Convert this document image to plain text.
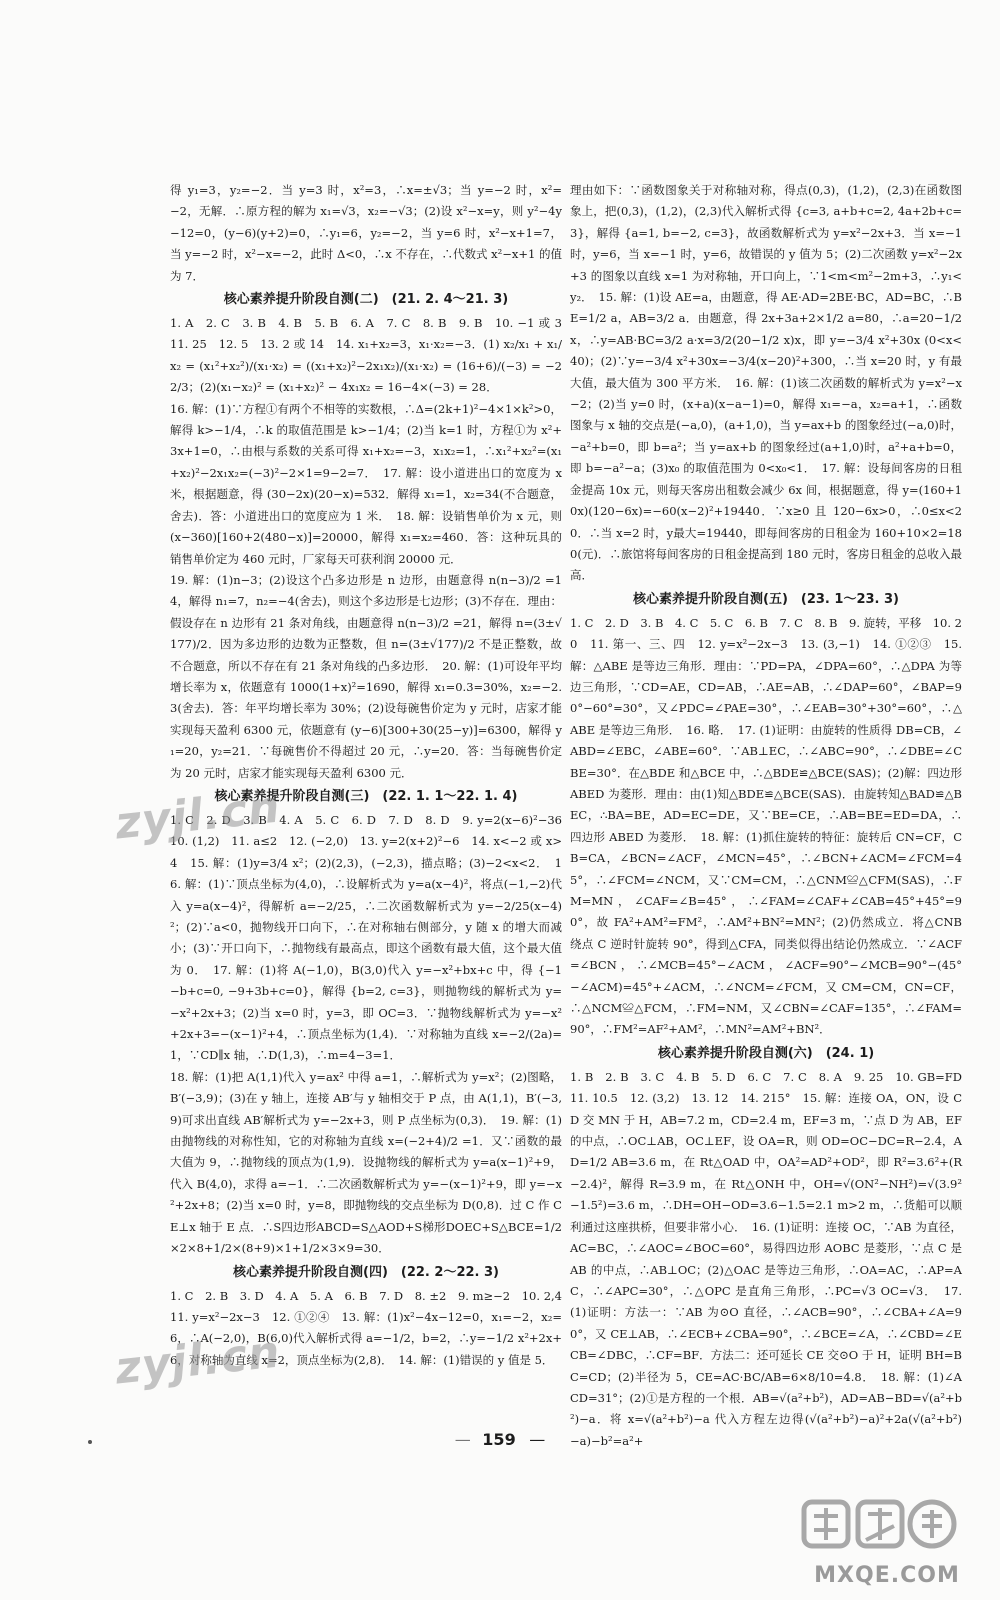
得 y₁=3，y₂=−2．当 y=3 时，x²=3，∴x=±√3；当 y=−2 时，x²=−2，无解．∴原方程的解为 x₁=√3，x₂=−√3；(2)设 x²−x=y，则 y²−4y−12=0，(y−6)(y+2)=0，∴y₁=6，y₂=−2，当 y=6 时，x²−x+1=7，当 y=−2 时，x²−x=−2，此时 Δ<0，∴x 不存在，∴代数式 x²−x+1 的值为 7．

核心素养提升阶段自测(二)　(21. 2. 4～21. 3)

1. A　2. C　3. B　4. B　5. B　6. A　7. C　8. B　9. B　10. −1 或 3　11. 25　12. 5　13. 2 或 14　14. x₁+x₂=3，x₁·x₂=−3．(1) x₂/x₁ + x₁/x₂ = (x₁²+x₂²)/(x₁·x₂) = ((x₁+x₂)²−2x₁x₂)/(x₁·x₂) = (16+6)/(−3) = −22/3；(2)(x₁−x₂)² = (x₁+x₂)² − 4x₁x₂ = 16−4×(−3) = 28．

16. 解：(1)∵方程①有两个不相等的实数根，∴Δ=(2k+1)²−4×1×k²>0，解得 k>−1/4，∴k 的取值范围是 k>−1/4；(2)当 k=1 时，方程①为 x²+3x+1=0，∴由根与系数的关系可得 x₁+x₂=−3，x₁x₂=1，∴x₁²+x₂²=(x₁+x₂)²−2x₁x₂=(−3)²−2×1=9−2=7．　17. 解：设小道进出口的宽度为 x 米，根据题意，得 (30−2x)(20−x)=532．解得 x₁=1，x₂=34(不合题意，舍去)．答：小道进出口的宽度应为 1 米．　18. 解：设销售单价为 x 元，则 (x−360)[160+2(480−x)]=20000，解得 x₁=x₂=460．答：这种玩具的销售单价定为 460 元时，厂家每天可获利润 20000 元．

19. 解：(1)n−3；(2)设这个凸多边形是 n 边形，由题意得 n(n−3)/2 =14，解得 n₁=7，n₂=−4(舍去)，则这个多边形是七边形；(3)不存在．理由：假设存在 n 边形有 21 条对角线，由题意得 n(n−3)/2 =21，解得 n=(3±√177)/2．因为多边形的边数为正整数，但 n=(3±√177)/2 不是正整数，故不合题意，所以不存在有 21 条对角线的凸多边形．　20. 解：(1)可设年平均增长率为 x，依题意有 1000(1+x)²=1690，解得 x₁=0.3=30%，x₂=−2.3(舍去)．答：年平均增长率为 30%；(2)设每碗售价定为 y 元时，店家才能实现每天盈利 6300 元，依题意有 (y−6)[300+30(25−y)]=6300，解得 y₁=20，y₂=21．∵每碗售价不得超过 20 元，∴y=20．答：当每碗售价定为 20 元时，店家才能实现每天盈利 6300 元．

核心素养提升阶段自测(三)　(22. 1. 1～22. 1. 4)

1. C　2. D　3. B　4. A　5. C　6. D　7. D　8. D　9. y=2(x−6)²−36　10. (1,2)　11. a≤2　12. (−2,0)　13. y=2(x+2)²−6　14. x<−2 或 x>4　15. 解：(1)y=3/4 x²；(2)(2,3)，(−2,3)，描点略；(3)−2<x<2．　16. 解：(1)∵顶点坐标为(4,0)，∴设解析式为 y=a(x−4)²，将点(−1,−2)代入 y=a(x−4)²，得解析 a=−2/25，∴二次函数解析式为 y=−2/25(x−4)²；(2)∵a<0，抛物线开口向下，∴在对称轴右侧部分，y 随 x 的增大而减小；(3)∵开口向下，∴抛物线有最高点，即这个函数有最大值，这个最大值为 0．　17. 解：(1)将 A(−1,0)，B(3,0)代入 y=−x²+bx+c 中，得 {−1−b+c=0, −9+3b+c=0}，解得 {b=2, c=3}，则抛物线的解析式为 y=−x²+2x+3；(2)当 x=0 时，y=3，即 OC=3．∵抛物线解析式为 y=−x²+2x+3=−(x−1)²+4，∴顶点坐标为(1,4)．∵对称轴为直线 x=−2/(2a)=1，∵CD∥x 轴，∴D(1,3)，∴m=4−3=1．

18. 解：(1)把 A(1,1)代入 y=ax² 中得 a=1，∴解析式为 y=x²；(2)图略，B′(−3,9)；(3)在 y 轴上，连接 AB′与 y 轴相交于 P 点，由 A(1,1)，B′(−3,9)可求出直线 AB′解析式为 y=−2x+3，则 P 点坐标为(0,3)．　19. 解：(1)由抛物线的对称性知，它的对称轴为直线 x=(−2+4)/2 =1．又∵函数的最大值为 9，∴抛物线的顶点为(1,9)．设抛物线的解析式为 y=a(x−1)²+9，代入 B(4,0)，求得 a=−1．∴二次函数解析式为 y=−(x−1)²+9，即 y=−x²+2x+8；(2)当 x=0 时，y=8，即抛物线的交点坐标为 D(0,8)．过 C 作 CE⊥x 轴于 E 点．∴S四边形ABCD=S△AOD+S梯形DOEC+S△BCE=1/2×2×8+1/2×(8+9)×1+1/2×3×9=30．

核心素养提升阶段自测(四)　(22. 2～22. 3)

1. C　2. B　3. D　4. A　5. A　6. B　7. D　8. ±2　9. m≥−2　10. 2,4　11. y=x²−2x−3　12. ①②④　13. 解：(1)x²−4x−12=0，x₁=−2，x₂=6，∴A(−2,0)，B(6,0)代入解析式得 a=−1/2，b=2，∴y=−1/2 x²+2x+6，对称轴为直线 x=2，顶点坐标为(2,8)．　14. 解：(1)错误的 y 值是 5．

理由如下：∵函数图象关于对称轴对称，得点(0,3)，(1,2)，(2,3)在函数图象上，把(0,3)，(1,2)，(2,3)代入解析式得 {c=3, a+b+c=2, 4a+2b+c=3}，解得 {a=1, b=−2, c=3}，故函数解析式为 y=x²−2x+3．当 x=−1 时，y=6，当 x=−1 时，y=6，故错误的 y 值为 5；(2)二次函数 y=x²−2x+3 的图象以直线 x=1 为对称轴，开口向上，∵1<m<m²−2m+3，∴y₁<y₂．　15. 解：(1)设 AE=a，由题意，得 AE·AD=2BE·BC，AD=BC，∴BE=1/2 a，AB=3/2 a．由题意，得 2x+3a+2×1/2 a=80，∴a=20−1/2 x，∴y=AB·BC=3/2 a·x=3/2(20−1/2 x)x，即 y=−3/4 x²+30x (0<x<40)；(2)∵y=−3/4 x²+30x=−3/4(x−20)²+300，∴当 x=20 时，y 有最大值，最大值为 300 平方米．　16. 解：(1)该二次函数的解析式为 y=x²−x−2；(2)当 y=0 时，(x+a)(x−a−1)=0，解得 x₁=−a，x₂=a+1，∴函数图象与 x 轴的交点是(−a,0)，(a+1,0)，当 y=ax+b 的图象经过(−a,0)时，−a²+b=0，即 b=a²；当 y=ax+b 的图象经过(a+1,0)时，a²+a+b=0，即 b=−a²−a；(3)x₀ 的取值范围为 0<x₀<1．　17. 解：设每间客房的日租金提高 10x 元，则每天客房出租数会减少 6x 间，根据题意，得 y=(160+10x)(120−6x)=−60(x−2)²+19440．∵x≥0 且 120−6x>0，∴0≤x<20．∴当 x=2 时，y最大=19440，即每间客房的日租金为 160+10×2=180(元)．∴旅馆将每间客房的日租金提高到 180 元时，客房日租金的总收入最高．

核心素养提升阶段自测(五)　(23. 1～23. 3)

1. C　2. D　3. B　4. C　5. C　6. B　7. C　8. B　9. 旋转，平移　10. 20　11. 第一、三、四　12. y=x²−2x−3　13. (3,−1)　14. ①②③　15. 解：△ABE 是等边三角形．理由：∵PD=PA，∠DPA=60°，∴△DPA 为等边三角形，∵CD=AE，CD=AB，∴AE=AB，∴∠DAP=60°，∠BAP=90°−60°=30°，又∠PDC=∠PAE=30°，∴∠EAB=30°+30°=60°，∴△ABE 是等边三角形．　16. 略．　17. (1)证明：由旋转的性质得 DB=CB，∠ABD=∠EBC，∠ABE=60°．∵AB⊥EC，∴∠ABC=90°，∴∠DBE=∠CBE=30°．在△BDE 和△BCE 中，∴△BDE≌△BCE(SAS)；(2)解：四边形 ABED 为菱形．理由：由(1)知△BDE≌△BCE(SAS)．由旋转知△BAD≌△BEC，∴BA=BE，AD=EC=DE，又∵BE=CE，∴AB=BE=ED=DA，∴四边形 ABED 为菱形．　18. 解：(1)抓住旋转的特征：旋转后 CN=CF，CB=CA，∠BCN=∠ACF，∠MCN=45°，∴∠BCN+∠ACM=∠FCM=45°，∴∠FCM=∠NCM，又∵CM=CM，∴△CNM≌△CFM(SAS)，∴FM=MN，∠CAF=∠B=45°，∴∠FAM=∠CAF+∠CAB=45°+45°=90°，故 FA²+AM²=FM²，∴AM²+BN²=MN²；(2)仍然成立．将△CNB 绕点 C 逆时针旋转 90°，得到△CFA，同类似得出结论仍然成立．∵∠ACF=∠BCN，∴∠MCB=45°−∠ACM，∠ACF=90°−∠MCB=90°−(45°−∠ACM)=45°+∠ACM，∴∠NCM=∠FCM，又 CM=CM，CN=CF，∴△NCM≌△FCM，∴FM=NM，又∠CBN=∠CAF=135°，∴∠FAM=90°，∴FM²=AF²+AM²，∴MN²=AM²+BN²．

核心素养提升阶段自测(六)　(24. 1)

1. B　2. B　3. C　4. B　5. D　6. C　7. C　8. A　9. 25　10. GB=FD　11. 10.5　12. (3,2)　13. 12　14. 215°　15. 解：连接 OA，ON，设 CD 交 MN 于 H，AB=7.2 m，CD=2.4 m，EF=3 m，∵点 D 为 AB，EF 的中点，∴OC⊥AB，OC⊥EF，设 OA=R，则 OD=OC−DC=R−2.4，AD=1/2 AB=3.6 m，在 Rt△OAD 中，OA²=AD²+OD²，即 R²=3.6²+(R−2.4)²，解得 R=3.9 m，在 Rt△ONH 中，OH=√(ON²−NH²)=√(3.9²−1.5²)=3.6 m，∴DH=OH−OD=3.6−1.5=2.1 m>2 m，∴货船可以顺利通过这座拱桥，但要非常小心．　16. (1)证明：连接 OC，∵AB 为直径，AC=BC，∴∠AOC=∠BOC=60°，易得四边形 AOBC 是菱形，∵点 C 是 AB 的中点，∴AB⊥OC；(2)△OAC 是等边三角形，∴OA=AC，∴AP=AC，∴∠APC=30°，∴△OPC 是直角三角形，∴PC=√3 OC=√3．　17. (1)证明：方法一：∵AB 为⊙O 直径，∴∠ACB=90°，∴∠CBA+∠A=90°，又 CE⊥AB，∴∠ECB+∠CBA=90°，∴∠BCE=∠A，∴∠CBD=∠ECB=∠DBC，∴CF=BF．方法二：还可延长 CE 交⊙O 于 H，证明 BH=BC=CD；(2)半径为 5，CE=AC·BC/AB=6×8/10=4.8．　18. 解：(1)∠ACD=31°；(2)①是方程的一个根．AB=√(a²+b²)，AD=AB−BD=√(a²+b²)−a．将 x=√(a²+b²)−a 代入方程左边得(√(a²+b²)−a)²+2a(√(a²+b²)−a)−b²=a²+

— 159 —
zyjl.cn
zyjl.cn
MXQE.COM
